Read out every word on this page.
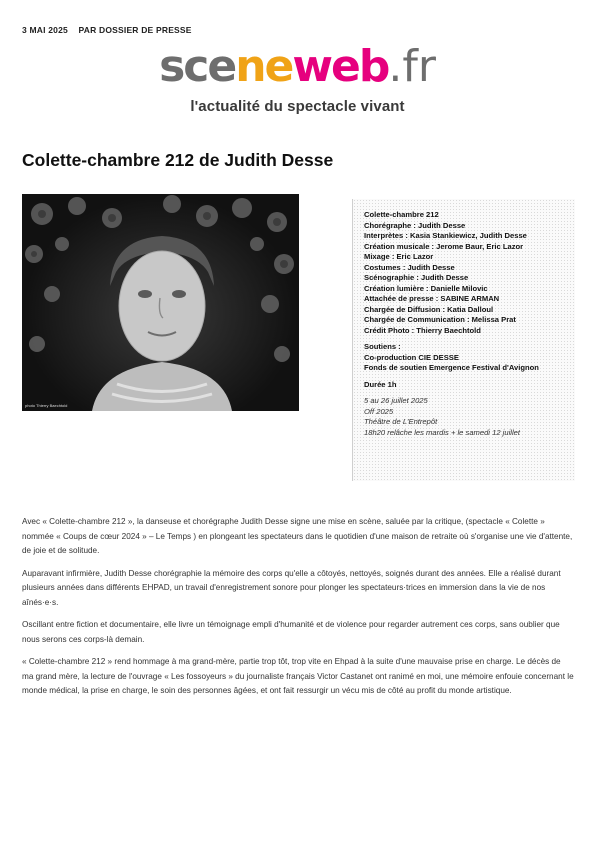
3 MAI 2025 PAR DOSSIER DE PRESSE
sceneweb.fr
l'actualité du spectacle vivant
Colette-chambre 212 de Judith Desse
photo Thierry Baechtold
Colette-chambre 212
Chorégraphe : Judith Desse
Interprètes : Kasia Stankiewicz, Judith Desse
Création musicale : Jerome Baur, Eric Lazor
Mixage : Eric Lazor
Costumes : Judith Desse
Scénographie : Judith Desse
Création lumière : Danielle Milovic
Attachée de presse : SABINE ARMAN
Chargée de Diffusion : Katia Dalloul
Chargée de Communication : Melissa Prat
Crédit Photo : Thierry Baechtold
Soutiens :
Co-production CIE DESSE
Fonds de soutien Emergence Festival d'Avignon
Durée 1h
5 au 26 juillet 2025
Off 2025
Théâtre de L'Entrepôt
18h20 relâche les mardis + le samedi 12 juillet

Avec « Colette-chambre 212 », la danseuse et chorégraphe Judith Desse signe une mise en scène, saluée par la critique, (spectacle « Colette » nommée « Coups de cœur 2024 » – Le Temps ) en plongeant les spectateurs dans le quotidien d'une maison de retraite où s'organise une vie d'attente, de joie et de solitude.

Auparavant infirmière, Judith Desse chorégraphie la mémoire des corps qu'elle a côtoyés, nettoyés, soignés durant des années. Elle a réalisé durant plusieurs années dans différents EHPAD, un travail d'enregistrement sonore pour plonger les spectateurs·trices en immersion dans la vie de nos aînés·e·s.

Oscillant entre fiction et documentaire, elle livre un témoignage empli d'humanité et de violence pour regarder autrement ces corps, sans oublier que nous serons ces corps-là demain.

« Colette-chambre 212 » rend hommage à ma grand-mère, partie trop tôt, trop vite en Ehpad à la suite d'une mauvaise prise en charge. Le décès de ma grand mère, la lecture de l'ouvrage « Les fossoyeurs » du journaliste français Victor Castanet ont ranimé en moi, une mémoire enfouie concernant le monde médical, la prise en charge, le soin des personnes âgées, et ont fait ressurgir un vécu mis de côté au profit du monde artistique.
